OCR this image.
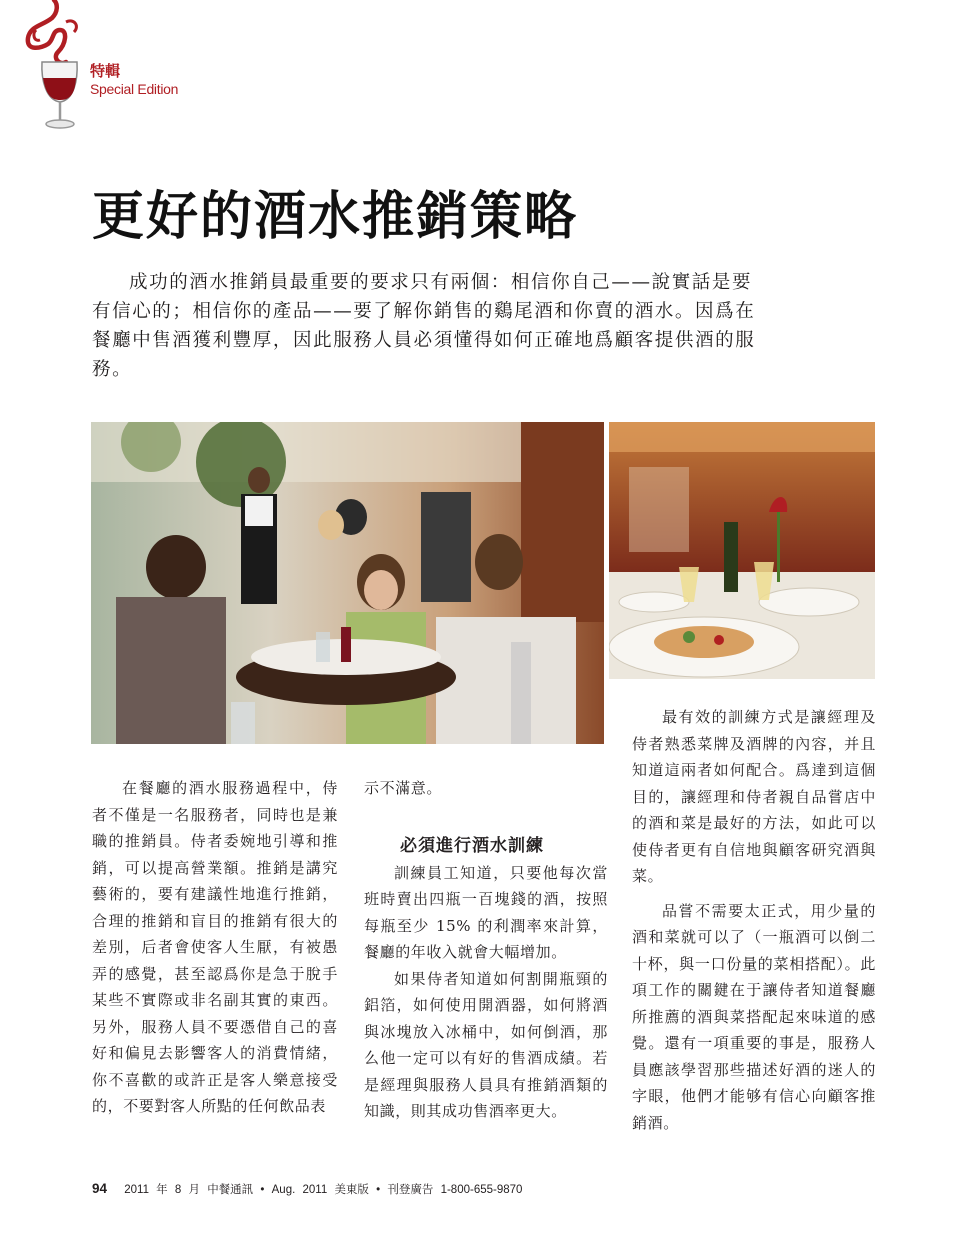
特輯
Special Edition
更好的酒水推銷策略

成功的酒水推銷員最重要的要求只有兩個：相信你自己——說實話是要有信心的；相信你的產品——要了解你銷售的鷄尾酒和你賣的酒水。因爲在餐廳中售酒獲利豐厚，因此服務人員必須懂得如何正確地爲顧客提供酒的服務。

在餐廳的酒水服務過程中，侍者不僅是一名服務者，同時也是兼職的推銷員。侍者委婉地引導和推銷，可以提高營業額。推銷是講究藝術的，要有建議性地進行推銷，合理的推銷和盲目的推銷有很大的差別，后者會使客人生厭，有被愚弄的感覺，甚至認爲你是急于脫手某些不實際或非名副其實的東西。另外，服務人員不要憑借自己的喜好和偏見去影響客人的消費情緒，你不喜歡的或許正是客人樂意接受的，不要對客人所點的任何飲品表

示不滿意。

必須進行酒水訓練

訓練員工知道，只要他每次當班時賣出四瓶一百塊錢的酒，按照每瓶至少 15% 的利潤率來計算，餐廳的年收入就會大幅增加。

如果侍者知道如何割開瓶頸的鋁箔，如何使用開酒器，如何將酒與冰塊放入冰桶中，如何倒酒，那么他一定可以有好的售酒成績。若是經理與服務人員具有推銷酒類的知識，則其成功售酒率更大。

最有效的訓練方式是讓經理及侍者熟悉菜牌及酒牌的內容，并且知道這兩者如何配合。爲達到這個目的，讓經理和侍者親自品嘗店中的酒和菜是最好的方法，如此可以使侍者更有自信地與顧客研究酒與菜。

品嘗不需要太正式，用少量的酒和菜就可以了（一瓶酒可以倒二十杯，與一口份量的菜相搭配）。此項工作的關鍵在于讓侍者知道餐廳所推薦的酒與菜搭配起來味道的感覺。還有一項重要的事是，服務人員應該學習那些描述好酒的迷人的字眼，他們才能够有信心向顧客推銷酒。

94 2011 年 8 月 中餐通訊 • Aug. 2011 美東版 • 刊登廣告 1-800-655-9870
